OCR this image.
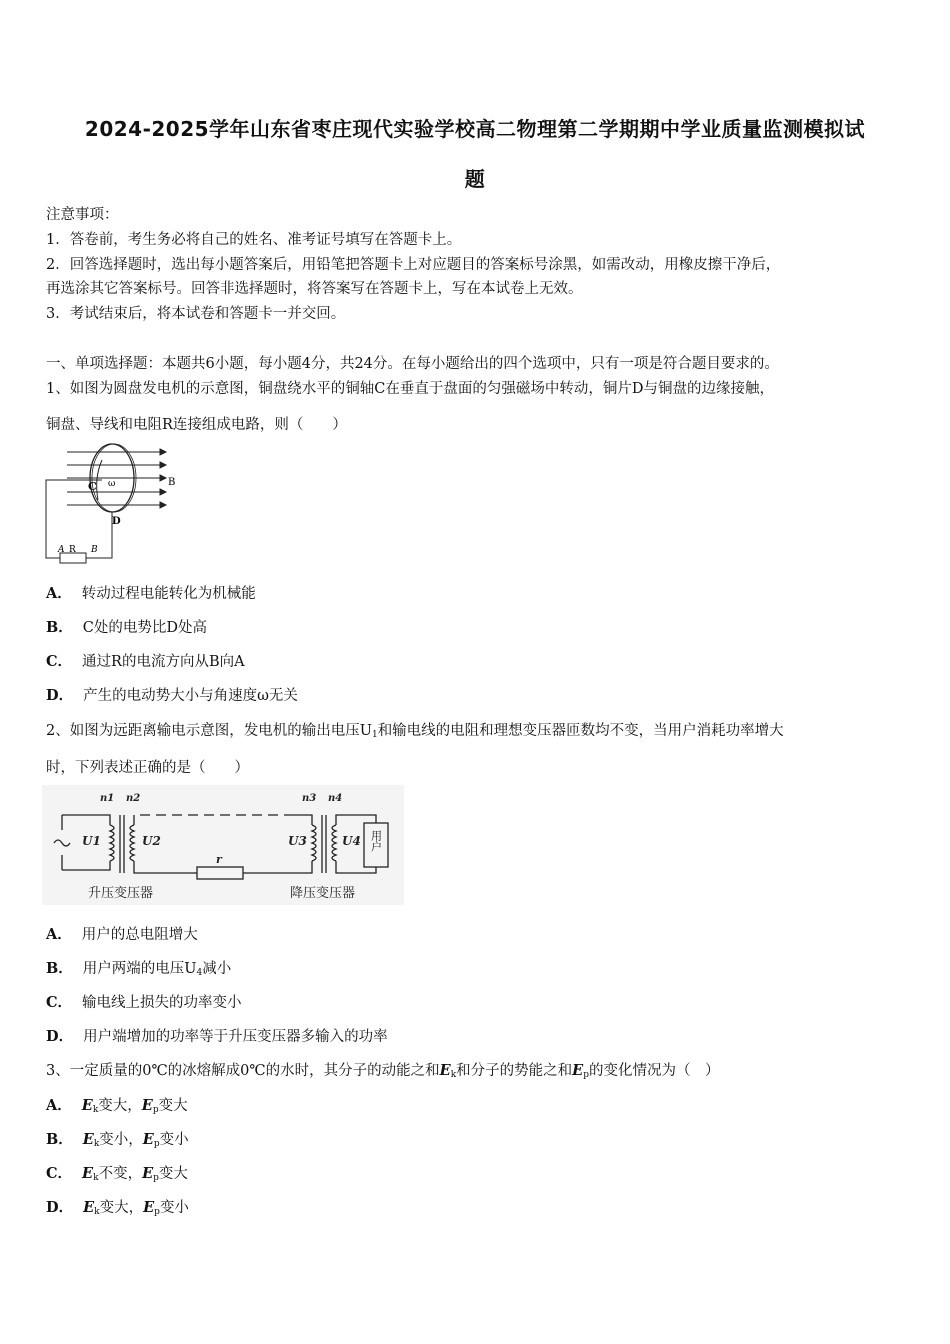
2024-2025学年山东省枣庄现代实验学校高二物理第二学期期中学业质量监测模拟试
题
注意事项：
1．答卷前，考生务必将自己的姓名、准考证号填写在答题卡上。
2．回答选择题时，选出每小题答案后，用铅笔把答题卡上对应题目的答案标号涂黑，如需改动，用橡皮擦干净后，
再选涂其它答案标号。回答非选择题时，将答案写在答题卡上，写在本试卷上无效。
3．考试结束后，将本试卷和答题卡一并交回。
一、单项选择题：本题共6小题，每小题4分，共24分。在每小题给出的四个选项中，只有一项是符合题目要求的。
1、如图为圆盘发电机的示意图，铜盘绕水平的铜轴C在垂直于盘面的匀强磁场中转动，铜片D与铜盘的边缘接触，
铜盘、导线和电阻R连接组成电路，则（　　）
C ω	B
D
A R B
A． 转动过程电能转化为机械能
B． C处的电势比D处高
C． 通过R的电流方向从B向A
D． 产生的电动势大小与角速度ω无关
2、如图为远距离输电示意图，发电机的输出电压$U_1$和输电线的电阻和理想变压器匝数均不变，当用户消耗功率增大
时，下列表述正确的是（　　）
n1 n2	n3 n4
U1	U2	U3	U4
r
用户
升压变压器	降压变压器
A． 用户的总电阻增大
B． 用户两端的电压$U_4$减小
C． 输电线上损失的功率变小
D． 用户端增加的功率等于升压变压器多输入的功率
3、一定质量的0℃的冰熔解成0℃的水时，其分子的动能之和$E_k$和分子的势能之和$E_p$的变化情况为（　）
A． $E_k$变大，$E_p$变大
B． $E_k$变小，$E_p$变小
C． $E_k$不变，$E_p$变大
D． $E_k$变大，$E_p$变小
